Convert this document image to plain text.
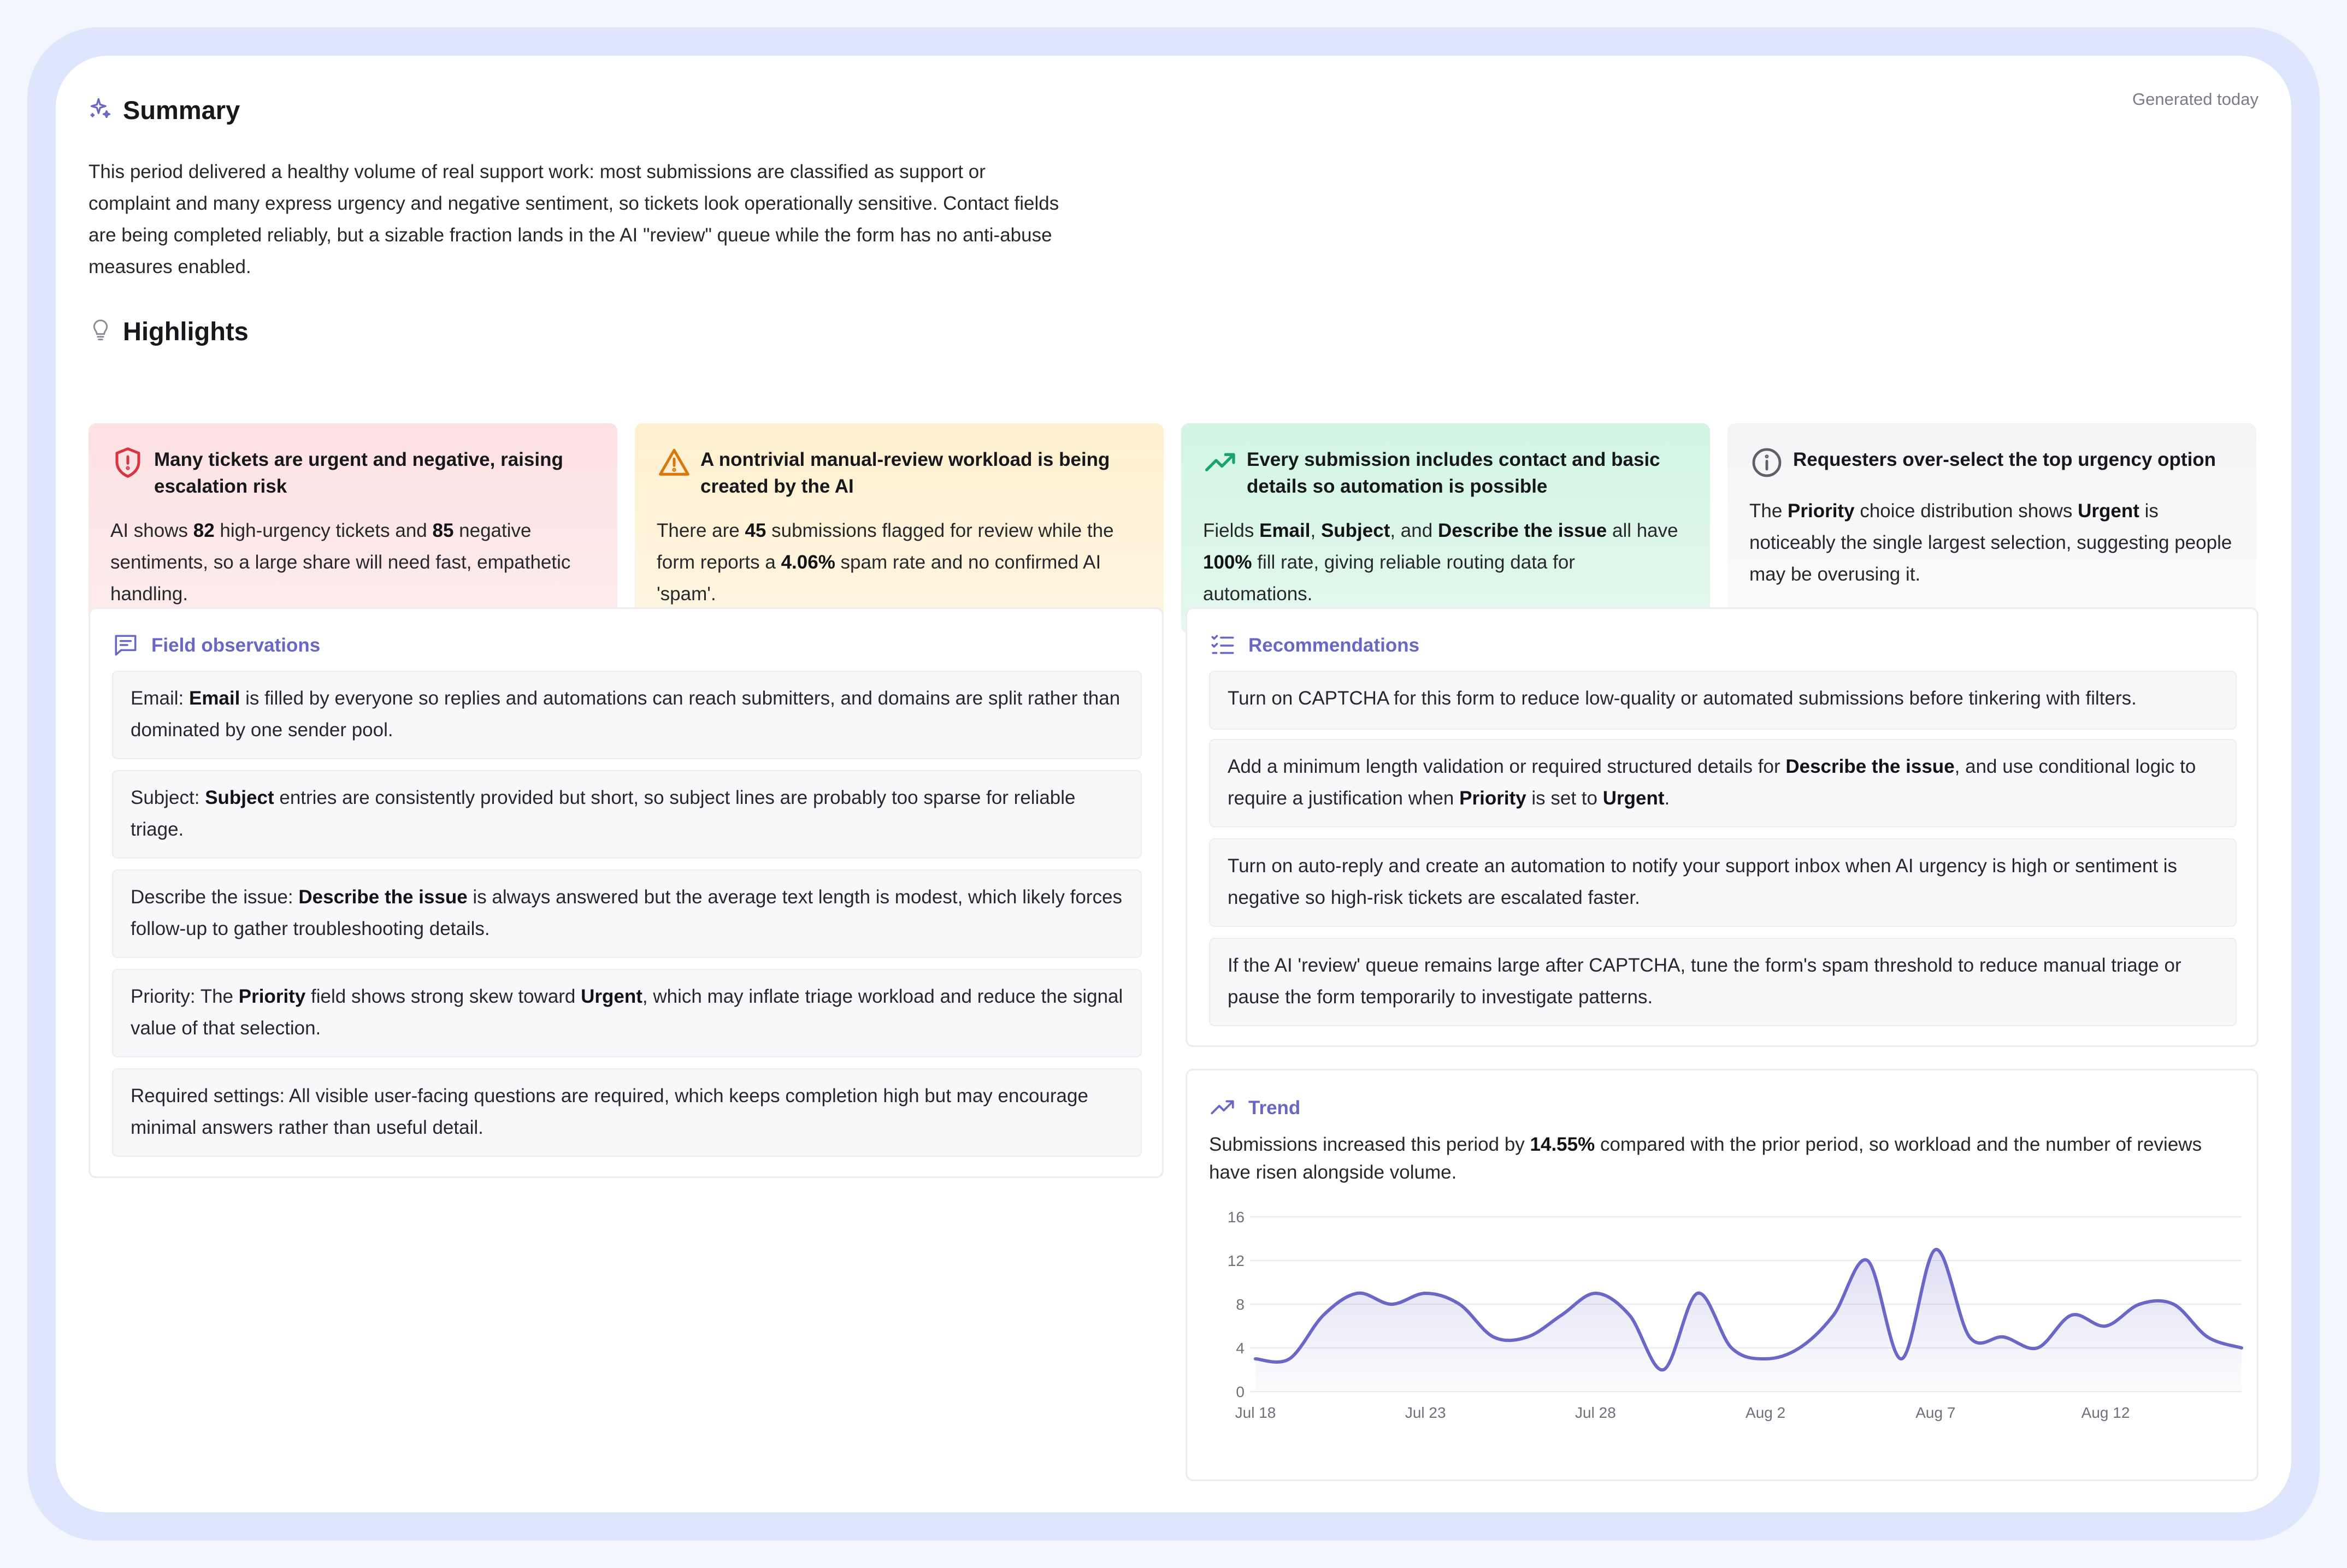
Summary	Generated today
This period delivered a healthy volume of real support work: most submissions are classified as support or complaint and many express urgency and negative sentiment, so tickets look operationally sensitive. Contact fields are being completed reliably, but a sizable fraction lands in the AI "review" queue while the form has no anti-abuse measures enabled.
Highlights
Many tickets are urgent and negative, raising escalation risk
AI shows 82 high-urgency tickets and 85 negative sentiments, so a large share will need fast, empathetic handling.
A nontrivial manual-review workload is being created by the AI
There are 45 submissions flagged for review while the form reports a 4.06% spam rate and no confirmed AI 'spam'.
Every submission includes contact and basic details so automation is possible
Fields Email, Subject, and Describe the issue all have 100% fill rate, giving reliable routing data for automations.
Requesters over-select the top urgency option
The Priority choice distribution shows Urgent is noticeably the single largest selection, suggesting people may be overusing it.
Field observations
Email: Email is filled by everyone so replies and automations can reach submitters, and domains are split rather than dominated by one sender pool.
Subject: Subject entries are consistently provided but short, so subject lines are probably too sparse for reliable triage.
Describe the issue: Describe the issue is always answered but the average text length is modest, which likely forces follow-up to gather troubleshooting details.
Priority: The Priority field shows strong skew toward Urgent, which may inflate triage workload and reduce the signal value of that selection.
Required settings: All visible user-facing questions are required, which keeps completion high but may encourage minimal answers rather than useful detail.
Recommendations
Turn on CAPTCHA for this form to reduce low-quality or automated submissions before tinkering with filters.
Add a minimum length validation or required structured details for Describe the issue, and use conditional logic to require a justification when Priority is set to Urgent.
Turn on auto-reply and create an automation to notify your support inbox when AI urgency is high or sentiment is negative so high-risk tickets are escalated faster.
If the AI 'review' queue remains large after CAPTCHA, tune the form's spam threshold to reduce manual triage or pause the form temporarily to investigate patterns.
Trend
Submissions increased this period by 14.55% compared with the prior period, so workload and the number of reviews have risen alongside volume.
0
4
8
12
16
Jul 18	Jul 23	Jul 28	Aug 2	Aug 7	Aug 12
